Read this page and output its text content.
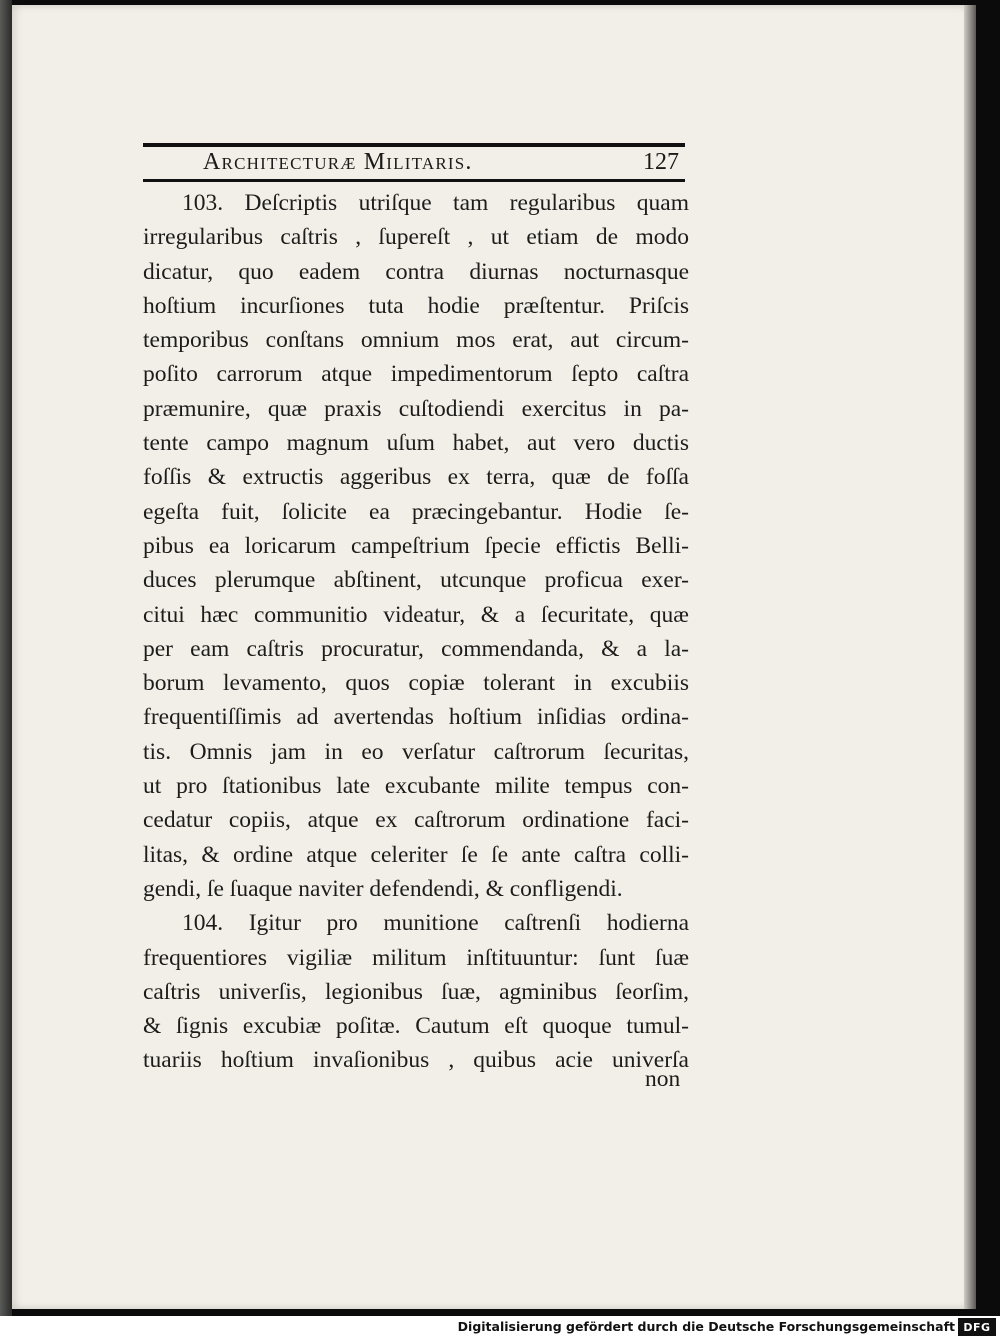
Architecturæ Militaris.	127
103. Deſcriptis utriſque tam regularibus quam
irregularibus caſtris , ſupereſt , ut etiam de modo
dicatur, quo eadem contra diurnas nocturnasque
hoſtium incurſiones tuta hodie præſtentur. Priſcis
temporibus conſtans omnium mos erat, aut circum-
poſito carrorum atque impedimentorum ſepto caſtra
præmunire, quæ praxis cuſtodiendi exercitus in pa-
tente campo magnum uſum habet, aut vero ductis
foſſis & extructis aggeribus ex terra, quæ de foſſa
egeſta fuit, ſolicite ea præcingebantur. Hodie ſe-
pibus ea loricarum campeſtrium ſpecie effictis Belli-
duces plerumque abſtinent, utcunque proficua exer-
citui hæc communitio videatur, & a ſecuritate, quæ
per eam caſtris procuratur, commendanda, & a la-
borum levamento, quos copiæ tolerant in excubiis
frequentiſſimis ad avertendas hoſtium inſidias ordina-
tis. Omnis jam in eo verſatur caſtrorum ſecuritas,
ut pro ſtationibus late excubante milite tempus con-
cedatur copiis, atque ex caſtrorum ordinatione faci-
litas, & ordine atque celeriter ſe ſe ante caſtra colli-
gendi, ſe ſuaque naviter defendendi, & confligendi.
104. Igitur pro munitione caſtrenſi hodierna
frequentiores vigiliæ militum inſtituuntur: ſunt ſuæ
caſtris univerſis, legionibus ſuæ, agminibus ſeorſim,
& ſignis excubiæ poſitæ. Cautum eſt quoque tumul-
tuariis hoſtium invaſionibus , quibus acie univerſa
non
Digitalisierung gefördert durch die Deutsche Forschungsgemeinschaft DFG
